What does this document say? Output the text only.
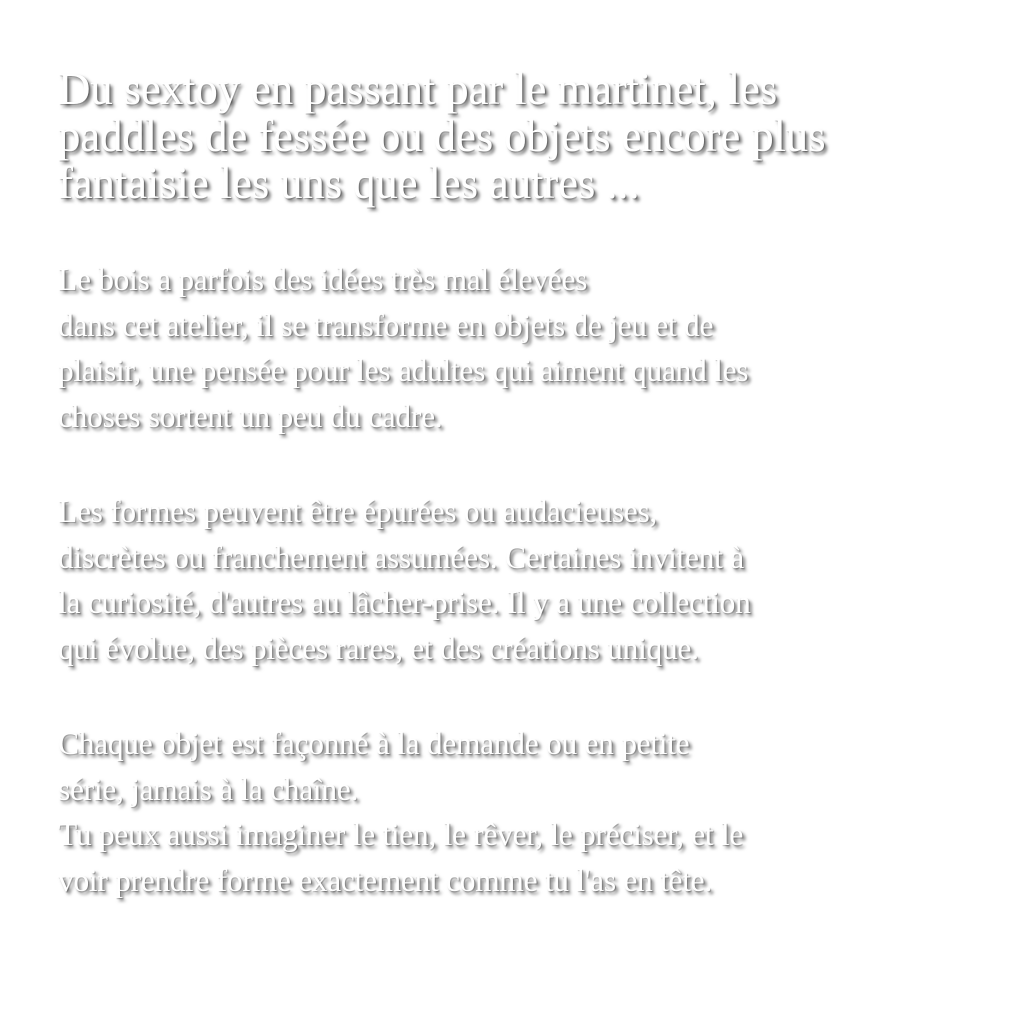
Du sextoy en passant par le martinet, les
paddles de fessée ou des objets encore plus
fantaisie les uns que les autres ...
Le bois a parfois des idées très mal élevées
dans cet atelier, il se transforme en objets de jeu et de
plaisir, une pensée pour les adultes qui aiment quand les
choses sortent un peu du cadre.
Les formes peuvent être épurées ou audacieuses,
discrètes ou franchement assumées. Certaines invitent à
la curiosité, d'autres au lâcher-prise. Il y a une collection
qui évolue, des pièces rares, et des créations unique.
Chaque objet est façonné à la demande ou en petite
série, jamais à la chaîne.
Tu peux aussi imaginer le tien, le rêver, le préciser, et le
voir prendre forme exactement comme tu l'as en tête.
